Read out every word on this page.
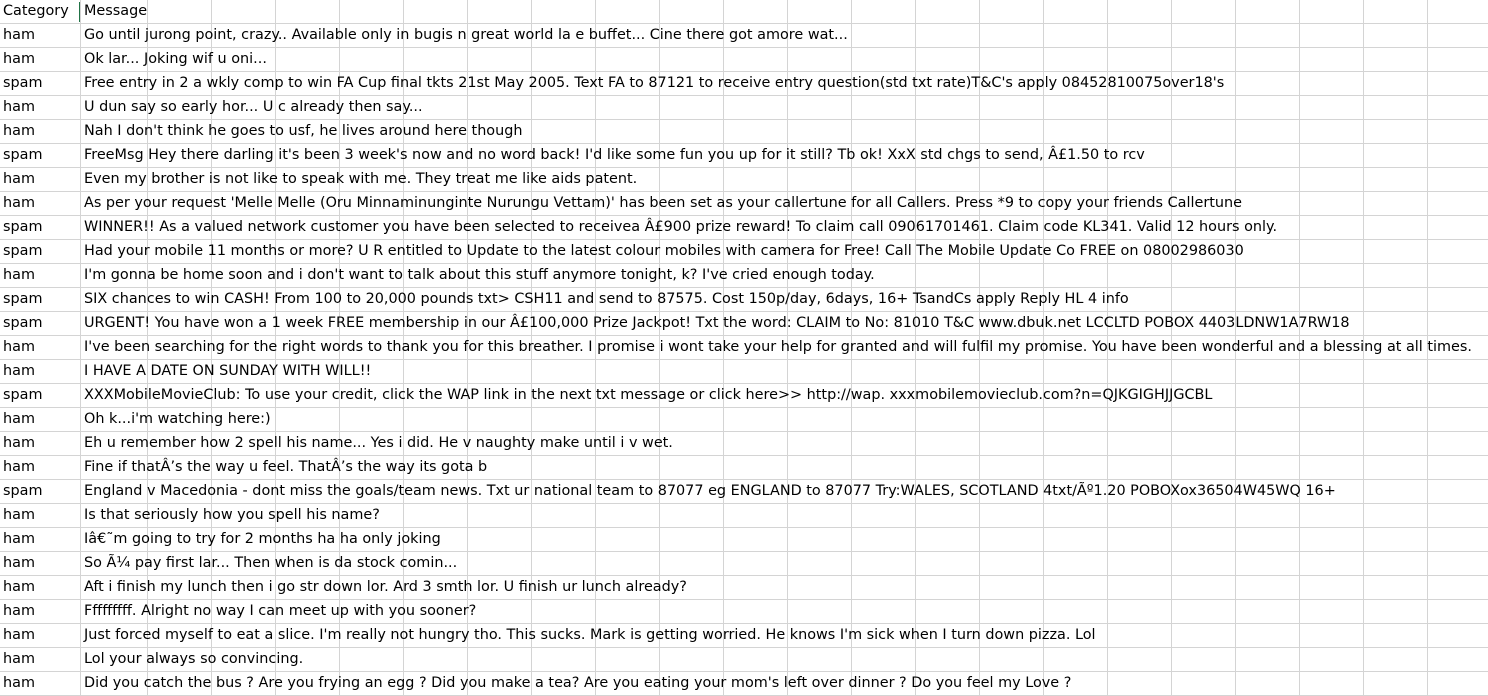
Category	Message
ham	Go until jurong point, crazy.. Available only in bugis n great world la e buffet... Cine there got amore wat...
ham	Ok lar... Joking wif u oni...
spam	Free entry in 2 a wkly comp to win FA Cup final tkts 21st May 2005. Text FA to 87121 to receive entry question(std txt rate)T&C's apply 08452810075over18's
ham	U dun say so early hor... U c already then say...
ham	Nah I don't think he goes to usf, he lives around here though
spam	FreeMsg Hey there darling it's been 3 week's now and no word back! I'd like some fun you up for it still? Tb ok! XxX std chgs to send, Â£1.50 to rcv
ham	Even my brother is not like to speak with me. They treat me like aids patent.
ham	As per your request 'Melle Melle (Oru Minnaminunginte Nurungu Vettam)' has been set as your callertune for all Callers. Press *9 to copy your friends Callertune
spam	WINNER!! As a valued network customer you have been selected to receivea Â£900 prize reward! To claim call 09061701461. Claim code KL341. Valid 12 hours only.
spam	Had your mobile 11 months or more? U R entitled to Update to the latest colour mobiles with camera for Free! Call The Mobile Update Co FREE on 08002986030
ham	I'm gonna be home soon and i don't want to talk about this stuff anymore tonight, k? I've cried enough today.
spam	SIX chances to win CASH! From 100 to 20,000 pounds txt> CSH11 and send to 87575. Cost 150p/day, 6days, 16+ TsandCs apply Reply HL 4 info
spam	URGENT! You have won a 1 week FREE membership in our Â£100,000 Prize Jackpot! Txt the word: CLAIM to No: 81010 T&C www.dbuk.net LCCLTD POBOX 4403LDNW1A7RW18
ham	I've been searching for the right words to thank you for this breather. I promise i wont take your help for granted and will fulfil my promise. You have been wonderful and a blessing at all times.
ham	I HAVE A DATE ON SUNDAY WITH WILL!!
spam	XXXMobileMovieClub: To use your credit, click the WAP link in the next txt message or click here>> http://wap. xxxmobilemovieclub.com?n=QJKGIGHJJGCBL
ham	Oh k...i'm watching here:)
ham	Eh u remember how 2 spell his name... Yes i did. He v naughty make until i v wet.
ham	Fine if thatÂ’s the way u feel. ThatÂ’s the way its gota b
spam	England v Macedonia - dont miss the goals/team news. Txt ur national team to 87077 eg ENGLAND to 87077 Try:WALES, SCOTLAND 4txt/Ãº1.20 POBOXox36504W45WQ 16+
ham	Is that seriously how you spell his name?
ham	Iâ€˜m going to try for 2 months ha ha only joking
ham	So Ã¼ pay first lar... Then when is da stock comin...
ham	Aft i finish my lunch then i go str down lor. Ard 3 smth lor. U finish ur lunch already?
ham	Fffffffff. Alright no way I can meet up with you sooner?
ham	Just forced myself to eat a slice. I'm really not hungry tho. This sucks. Mark is getting worried. He knows I'm sick when I turn down pizza. Lol
ham	Lol your always so convincing.
ham	Did you catch the bus ? Are you frying an egg ? Did you make a tea? Are you eating your mom's left over dinner ? Do you feel my Love ?
